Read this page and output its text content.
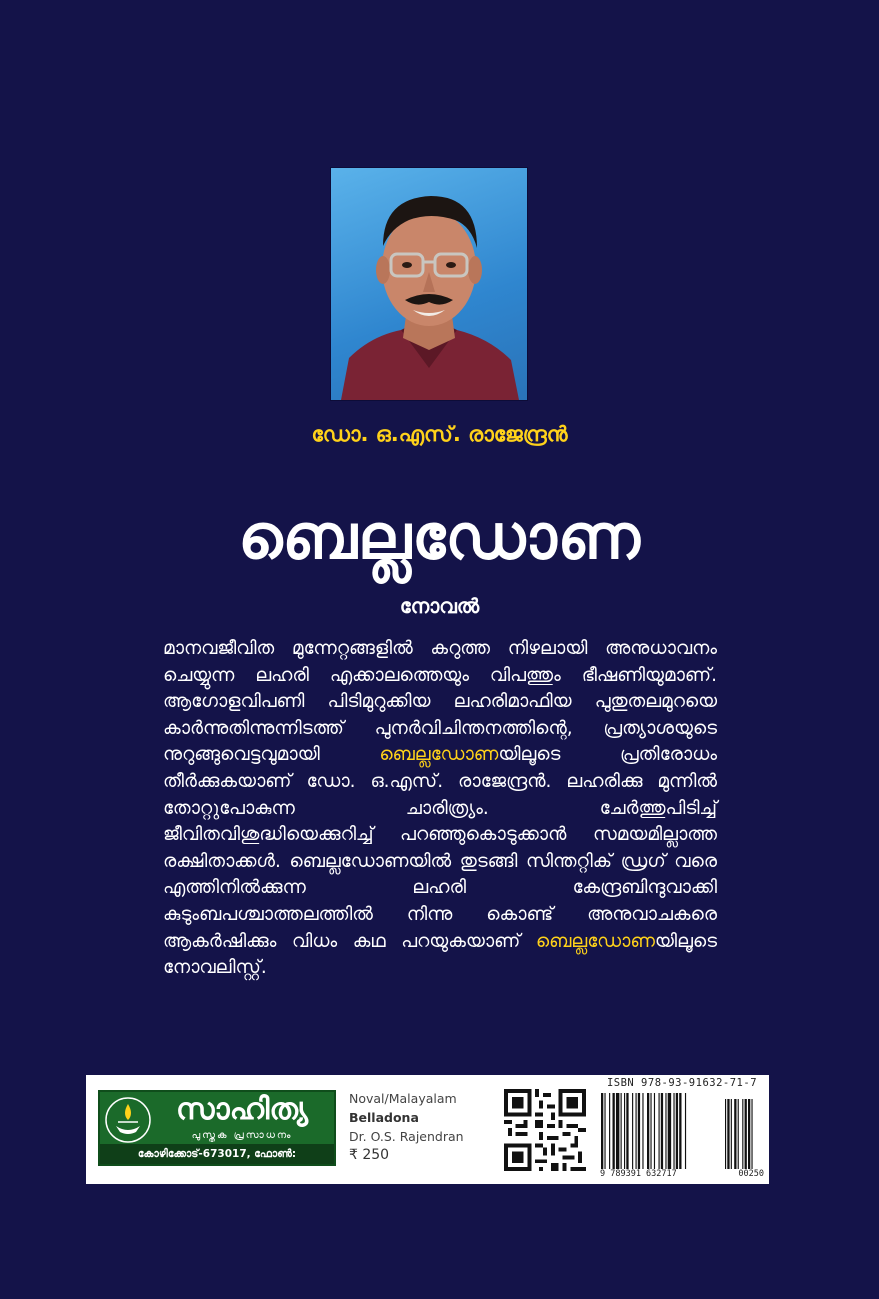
ഡോ. ഒ.എസ്. രാജേന്ദ്രൻ
ബെല്ലഡോണ
നോവൽ

മാനവജീവിത മുന്നേറ്റങ്ങളിൽ കറുത്ത നിഴലായി അനുധാവനം ചെയ്യുന്ന ലഹരി എക്കാലത്തെയും വിപത്തും ഭീഷണിയുമാണ്. ആഗോളവിപണി പിടിമുറുക്കിയ ലഹരിമാഫിയ പുതുതലമുറയെ കാർന്നുതിന്നുന്നിടത്ത് പുനർവിചിന്തനത്തിന്റെ, പ്രത്യാശയുടെ നുറുങ്ങുവെട്ടവുമായി ബെല്ലഡോണയിലൂടെ പ്രതിരോധം തീർക്കുകയാണ് ഡോ. ഒ.എസ്. രാജേന്ദ്രൻ. ലഹരിക്കു മുന്നിൽ തോറ്റുപോകുന്ന ചാരിത്ര്യം. ചേർത്തുപിടിച്ച് ജീവിതവിശുദ്ധിയെക്കുറിച്ച് പറഞ്ഞുകൊടുക്കാൻ സമയമില്ലാത്ത രക്ഷിതാക്കൾ. ബെല്ലഡോണയിൽ തുടങ്ങി സിന്തറ്റിക് ഡ്രഗ് വരെ എത്തിനിൽക്കുന്ന ലഹരി കേന്ദ്രബിന്ദുവാക്കി കുടുംബപശ്ചാത്തലത്തിൽ നിന്നു കൊണ്ട് അനുവാചകരെ ആകർഷിക്കും വിധം കഥ പറയുകയാണ് ബെല്ലഡോണയിലൂടെ നോവലിസ്റ്റ്.

സാഹിത്യ
പുസ്തക പ്രസാധനം
കോഴിക്കോട്-673017, ഫോൺ: 09744117700
Noval/Malayalam
Belladona
Dr. O.S. Rajendran
₹ 250
ISBN 978-93-91632-71-7
9 789391 632717	00250
